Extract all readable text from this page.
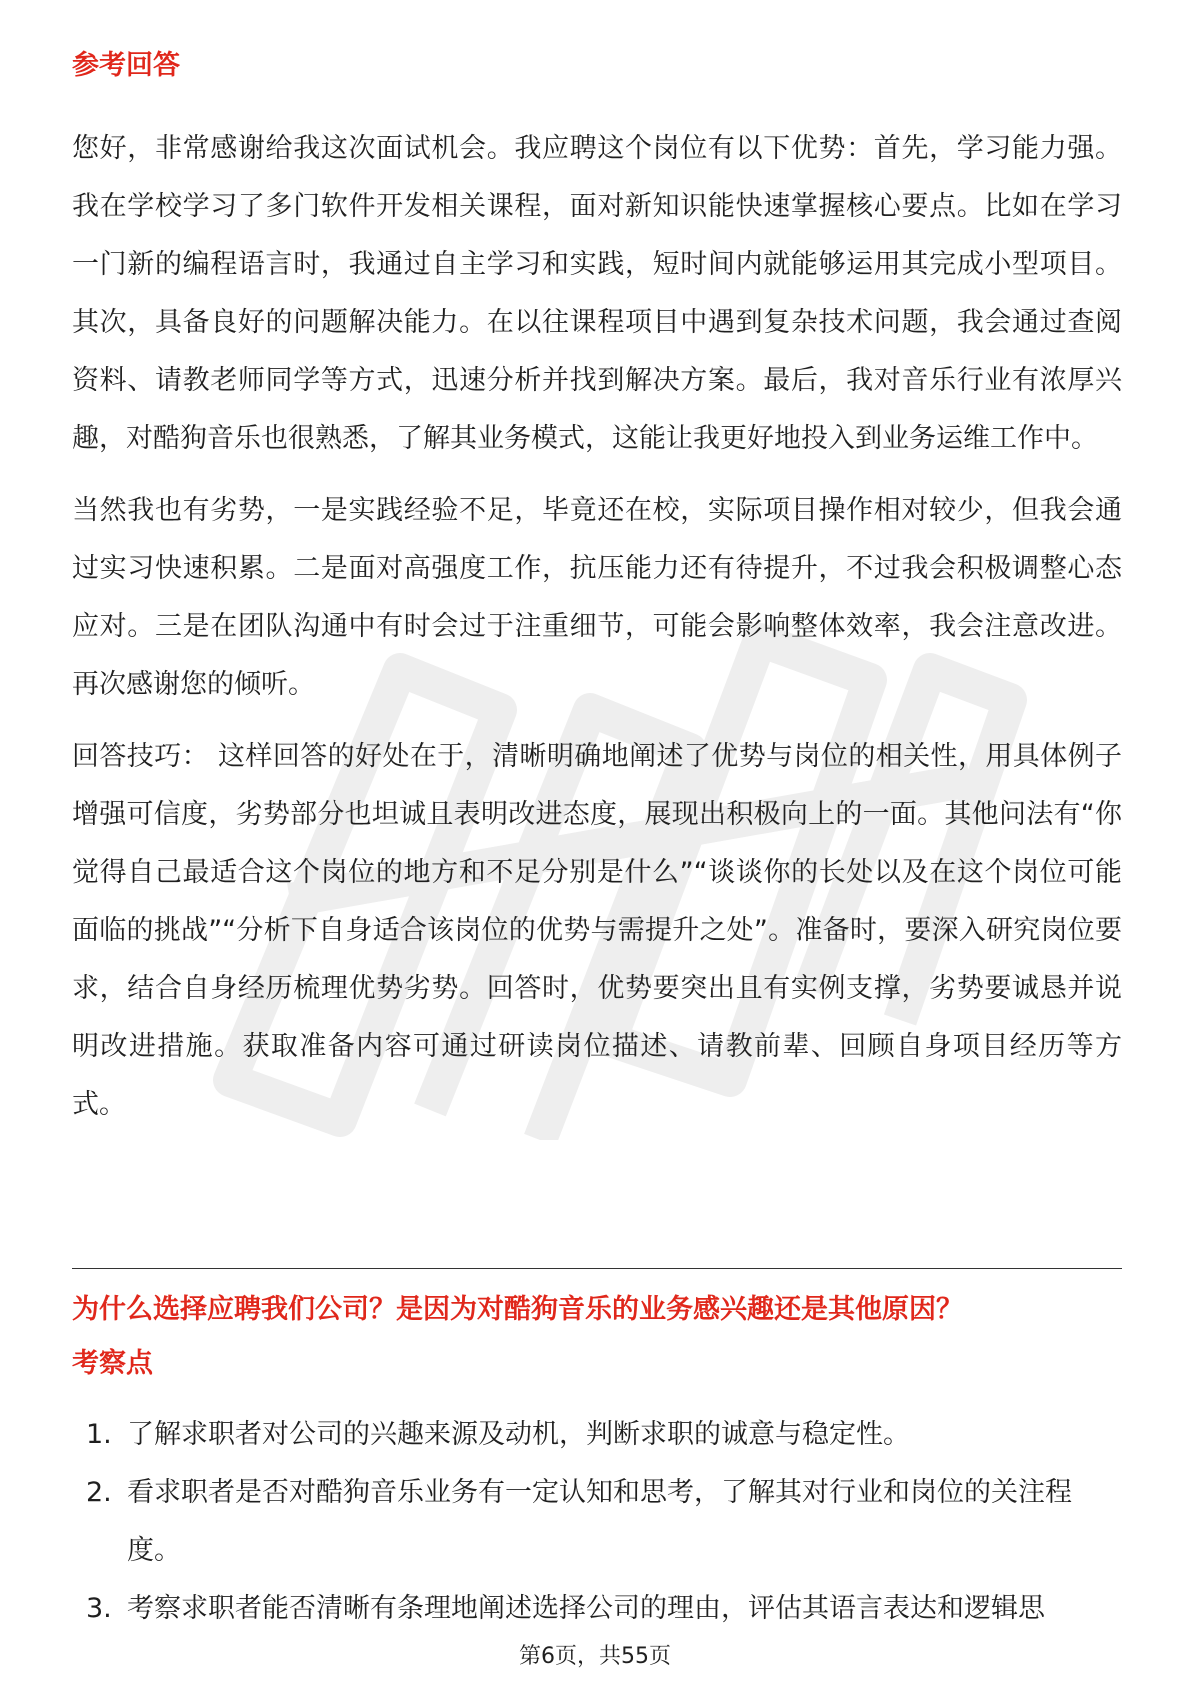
参考回答

您好，非常感谢给我这次面试机会。我应聘这个岗位有以下优势：首先，学习能力强。我在学校学习了多门软件开发相关课程，面对新知识能快速掌握核心要点。比如在学习一门新的编程语言时，我通过自主学习和实践，短时间内就能够运用其完成小型项目。其次，具备良好的问题解决能力。在以往课程项目中遇到复杂技术问题，我会通过查阅资料、请教老师同学等方式，迅速分析并找到解决方案。最后，我对音乐行业有浓厚兴趣，对酷狗音乐也很熟悉，了解其业务模式，这能让我更好地投入到业务运维工作中。

当然我也有劣势，一是实践经验不足，毕竟还在校，实际项目操作相对较少，但我会通过实习快速积累。二是面对高强度工作，抗压能力还有待提升，不过我会积极调整心态应对。三是在团队沟通中有时会过于注重细节，可能会影响整体效率，我会注意改进。再次感谢您的倾听。

回答技巧： 这样回答的好处在于，清晰明确地阐述了优势与岗位的相关性，用具体例子增强可信度，劣势部分也坦诚且表明改进态度，展现出积极向上的一面。其他问法有“你觉得自己最适合这个岗位的地方和不足分别是什么”“谈谈你的长处以及在这个岗位可能面临的挑战”“分析下自身适合该岗位的优势与需提升之处”。准备时，要深入研究岗位要求，结合自身经历梳理优势劣势。回答时，优势要突出且有实例支撑，劣势要诚恳并说明改进措施。获取准备内容可通过研读岗位描述、请教前辈、回顾自身项目经历等方式。

为什么选择应聘我们公司？是因为对酷狗音乐的业务感兴趣还是其他原因？
考察点
1. 了解求职者对公司的兴趣来源及动机，判断求职的诚意与稳定性。
2. 看求职者是否对酷狗音乐业务有一定认知和思考，了解其对行业和岗位的关注程度。
3. 考察求职者能否清晰有条理地阐述选择公司的理由，评估其语言表达和逻辑思
第6页，共55页
